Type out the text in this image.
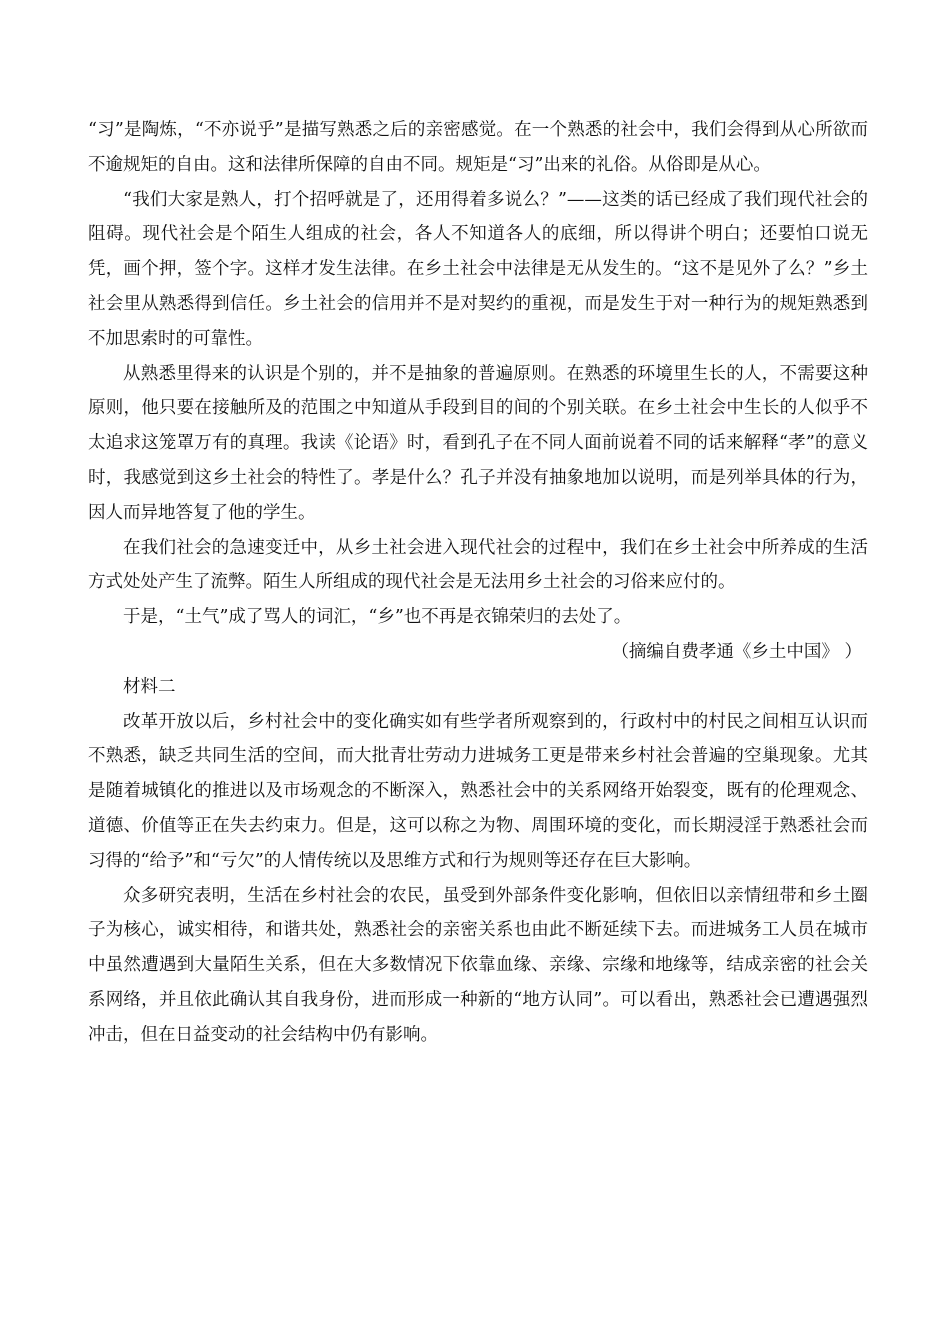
“习”是陶炼，“不亦说乎”是描写熟悉之后的亲密感觉。在一个熟悉的社会中，我们会得到从心所欲而不逾规矩的自由。这和法律所保障的自由不同。规矩是“习”出来的礼俗。从俗即是从心。

“我们大家是熟人，打个招呼就是了，还用得着多说么？”——这类的话已经成了我们现代社会的阻碍。现代社会是个陌生人组成的社会，各人不知道各人的底细，所以得讲个明白；还要怕口说无凭，画个押，签个字。这样才发生法律。在乡土社会中法律是无从发生的。“这不是见外了么？”乡土社会里从熟悉得到信任。乡土社会的信用并不是对契约的重视，而是发生于对一种行为的规矩熟悉到不加思索时的可靠性。

从熟悉里得来的认识是个别的，并不是抽象的普遍原则。在熟悉的环境里生长的人，不需要这种原则，他只要在接触所及的范围之中知道从手段到目的间的个别关联。在乡土社会中生长的人似乎不太追求这笼罩万有的真理。我读《论语》时，看到孔子在不同人面前说着不同的话来解释“孝”的意义时，我感觉到这乡土社会的特性了。孝是什么？孔子并没有抽象地加以说明，而是列举具体的行为，因人而异地答复了他的学生。

在我们社会的急速变迁中，从乡土社会进入现代社会的过程中，我们在乡土社会中所养成的生活方式处处产生了流弊。陌生人所组成的现代社会是无法用乡土社会的习俗来应付的。

于是，“土气”成了骂人的词汇，“乡”也不再是衣锦荣归的去处了。

（摘编自费孝通《乡土中国》 ）

材料二

改革开放以后，乡村社会中的变化确实如有些学者所观察到的，行政村中的村民之间相互认识而不熟悉，缺乏共同生活的空间，而大批青壮劳动力进城务工更是带来乡村社会普遍的空巢现象。尤其是随着城镇化的推进以及市场观念的不断深入，熟悉社会中的关系网络开始裂变，既有的伦理观念、道德、价值等正在失去约束力。但是，这可以称之为物、周围环境的变化，而长期浸淫于熟悉社会而习得的“给予”和“亏欠”的人情传统以及思维方式和行为规则等还存在巨大影响。

众多研究表明，生活在乡村社会的农民，虽受到外部条件变化影响，但依旧以亲情纽带和乡土圈子为核心，诚实相待，和谐共处，熟悉社会的亲密关系也由此不断延续下去。而进城务工人员在城市中虽然遭遇到大量陌生关系，但在大多数情况下依靠血缘、亲缘、宗缘和地缘等，结成亲密的社会关系网络，并且依此确认其自我身份，进而形成一种新的“地方认同”。可以看出，熟悉社会已遭遇强烈冲击，但在日益变动的社会结构中仍有影响。
